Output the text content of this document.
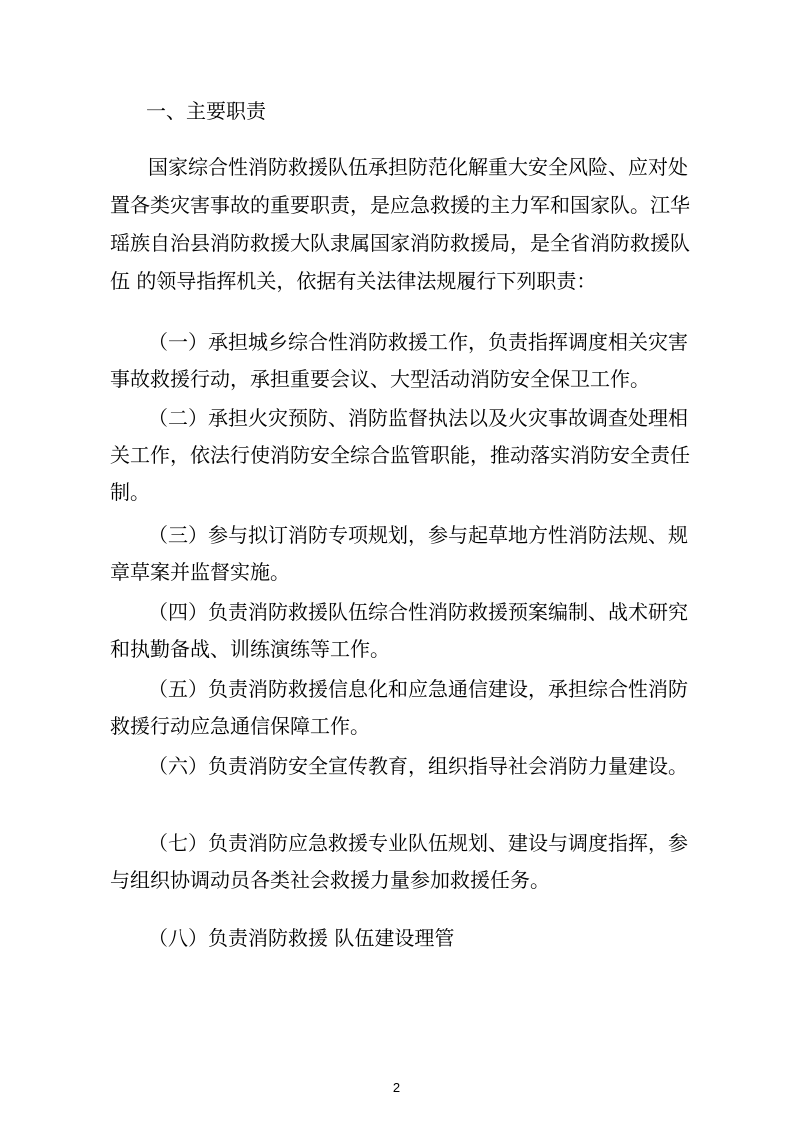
一、主要职责

国家综合性消防救援队伍承担防范化解重大安全风险、应对处置各类灾害事故的重要职责，是应急救援的主力军和国家队。江华瑶族自治县消防救援大队隶属国家消防救援局，是全省消防救援队伍 的领导指挥机关，依据有关法律法规履行下列职责：

（一）承担城乡综合性消防救援工作，负责指挥调度相关灾害事故救援行动，承担重要会议、大型活动消防安全保卫工作。

（二）承担火灾预防、消防监督执法以及火灾事故调查处理相关工作，依法行使消防安全综合监管职能，推动落实消防安全责任制。

（三）参与拟订消防专项规划，参与起草地方性消防法规、规章草案并监督实施。

（四）负责消防救援队伍综合性消防救援预案编制、战术研究和执勤备战、训练演练等工作。

（五）负责消防救援信息化和应急通信建设，承担综合性消防救援行动应急通信保障工作。

（六）负责消防安全宣传教育，组织指导社会消防力量建设。

（七）负责消防应急救援专业队伍规划、建设与调度指挥，参与组织协调动员各类社会救援力量参加救援任务。

（八）负责消防救援 队伍建设理管

2
